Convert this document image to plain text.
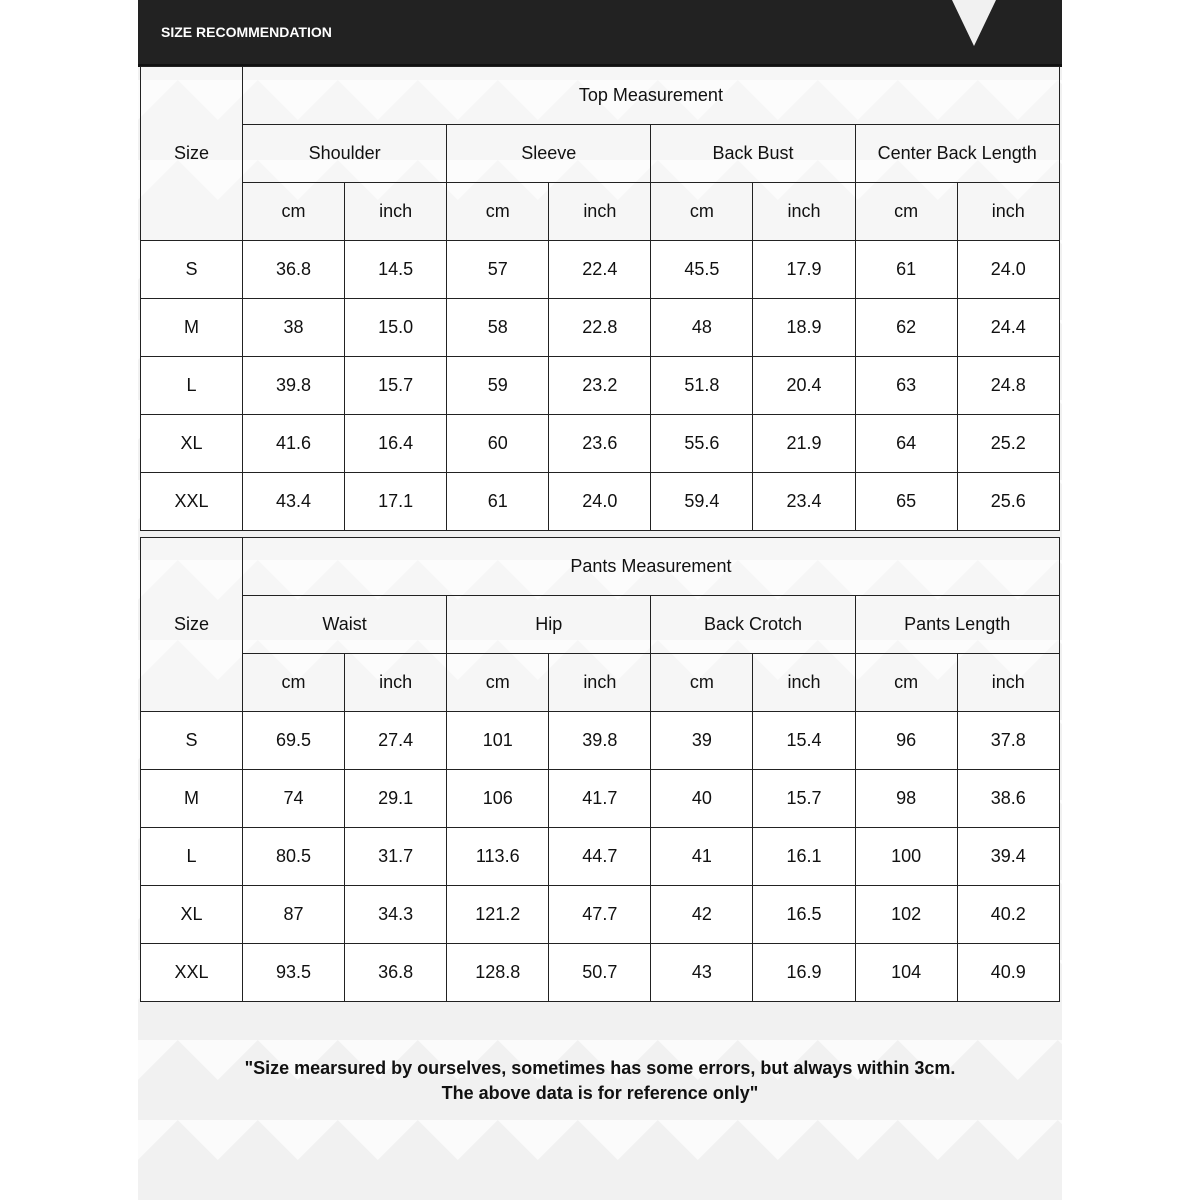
SIZE RECOMMENDATION
Size	Top Measurement							
	Shoulder		Sleeve		Back Bust		Center Back Length	
	cm	inch	cm	inch	cm	inch	cm	inch
S	36.8	14.5	57	22.4	45.5	17.9	61	24.0
M	38	15.0	58	22.8	48	18.9	62	24.4
L	39.8	15.7	59	23.2	51.8	20.4	63	24.8
XL	41.6	16.4	60	23.6	55.6	21.9	64	25.2
XXL	43.4	17.1	61	24.0	59.4	23.4	65	25.6
Size	Pants Measurement							
	Waist		Hip		Back Crotch		Pants Length	
	cm	inch	cm	inch	cm	inch	cm	inch
S	69.5	27.4	101	39.8	39	15.4	96	37.8
M	74	29.1	106	41.7	40	15.7	98	38.6
L	80.5	31.7	113.6	44.7	41	16.1	100	39.4
XL	87	34.3	121.2	47.7	42	16.5	102	40.2
XXL	93.5	36.8	128.8	50.7	43	16.9	104	40.9
"Size mearsured by ourselves, sometimes has some errors, but always within 3cm.
The above data is for reference only"
